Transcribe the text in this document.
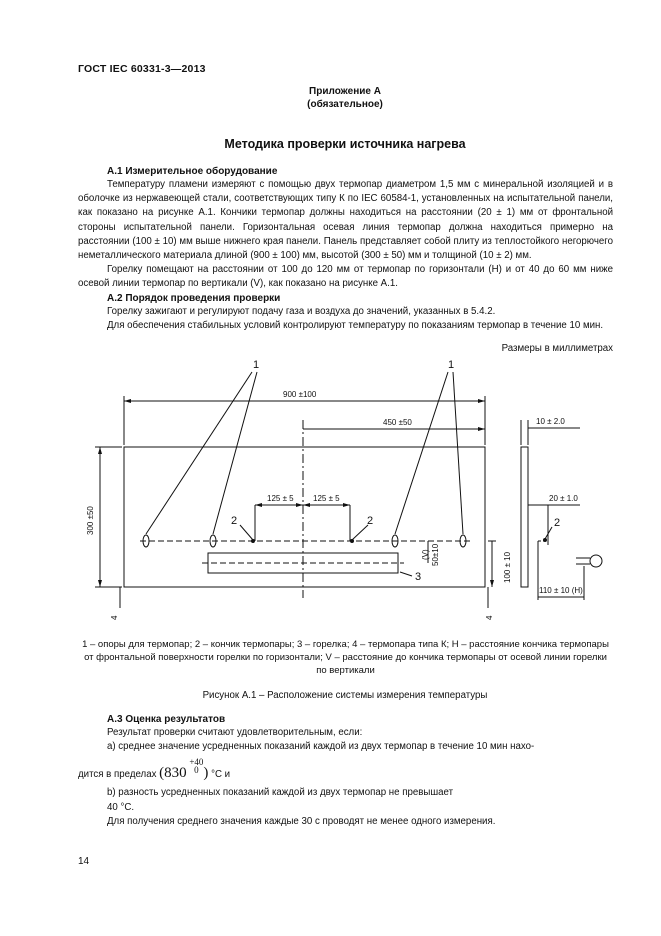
ГОСТ IEC 60331-3—2013
Приложение А
(обязательное)
Методика проверки источника нагрева
А.1 Измерительное оборудование

Температуру пламени измеряют с помощью двух термопар диаметром 1,5 мм с минеральной изоляцией и в оболочке из нержавеющей стали, соответствующих типу К по IEC 60584-1, установленных на испытательной панели, как показано на рисунке А.1. Кончики термопар должны находиться на расстоянии (20 ± 1) мм от фронтальной стороны испытательной панели. Горизонтальная осевая линия термопар должна находиться примерно на расстоянии (100 ± 10) мм выше нижнего края панели. Панель представляет собой плиту из теплостойкого негорючего неметаллического материала длиной (900 ± 100) мм, высотой (300 ± 50) мм и толщиной (10 ± 2) мм.

Горелку помещают на расстоянии от 100 до 120 мм от термопар по горизонтали (H) и от 40 до 60 мм ниже осевой линии термопар по вертикали (V), как показано на рисунке А.1.

А.2 Порядок проведения проверки

Горелку зажигают и регулируют подачу газа и воздуха до значений, указанных в 5.4.2.

Для обеспечения стабильных условий контролируют температуру по показаниям термопар в течение 10 мин.

Размеры в миллиметрах
1	1
2	2	2
3
900 ±100
450 ±50
125 ± 5 125 ± 5
10 ± 2.0
20 ± 1.0
110 ± 10 (H)
300 ±50
100 ± 10
50±10
(V)
4	4
1 – опоры для термопар; 2 – кончик термопары; 3 – горелка; 4 – термопара типа К; H – расстояние кончика термопары от фронтальной поверхности горелки по горизонтали; V – расстояние до кончика термопары от осевой линии горелки по вертикали
Рисунок А.1 – Расположение системы измерения температуры
А.3 Оценка результатов

Результат проверки считают удовлетворительным, если:

a) среднее значение усредненных показаний каждой из двух термопар в течение 10 мин нахо-

дится в пределах (830 +40
0 ) °С и

b) разность усредненных показаний каждой из двух термопар не превышает

40 °С.

Для получения среднего значения каждые 30 с проводят не менее одного измерения.

14
